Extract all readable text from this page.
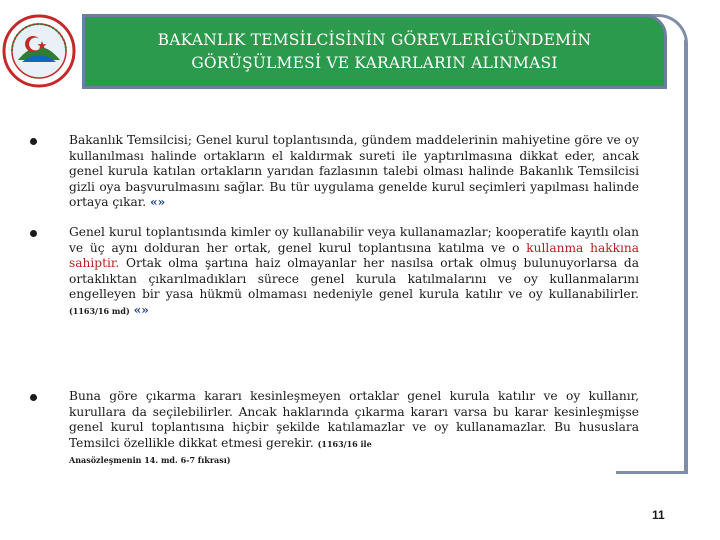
BAKANLIK TEMSİLCİSİNİN GÖREVLERİGÜNDEMİN
GÖRÜŞÜLMESİ VE KARARLARIN ALINMASI
Bakanlık Temsilcisi; Genel kurul toplantısında, gündem maddelerinin mahiyetine göre ve oy kullanılması halinde ortakların el kaldırmak sureti ile yaptırılmasına dikkat eder, ancak genel kurula katılan ortakların yarıdan fazlasının talebi olması halinde Bakanlık Temsilcisi gizli oya başvurulmasını sağlar. Bu tür uygulama genelde kurul seçimleri yapılması halinde ortaya çıkar. «»
Genel kurul toplantısında kimler oy kullanabilir veya kullanamazlar; kooperatife kayıtlı olan ve üç aynı dolduran her ortak, genel kurul toplantısına katılma ve o kullanma hakkına sahiptir. Ortak olma şartına haiz olmayanlar her nasılsa ortak olmuş bulunuyorlarsa da ortaklıktan çıkarılmadıkları sürece genel kurula katılmalarını ve oy kullanmalarını engelleyen bir yasa hükmü olmaması nedeniyle genel kurula katılır ve oy kullanabilirler. (1163/16 md) «»
Buna göre çıkarma kararı kesinleşmeyen ortaklar genel kurula katılır ve oy kullanır, kurullara da seçilebilirler. Ancak haklarında çıkarma kararı varsa bu karar kesinleşmişse genel kurul toplantısına hiçbir şekilde katılamazlar ve oy kullanamazlar. Bu hususlara Temsilci özellikle dikkat etmesi gerekir. (1163/16 ile
Anasözleşmenin 14. md. 6-7 fıkrası)
11
